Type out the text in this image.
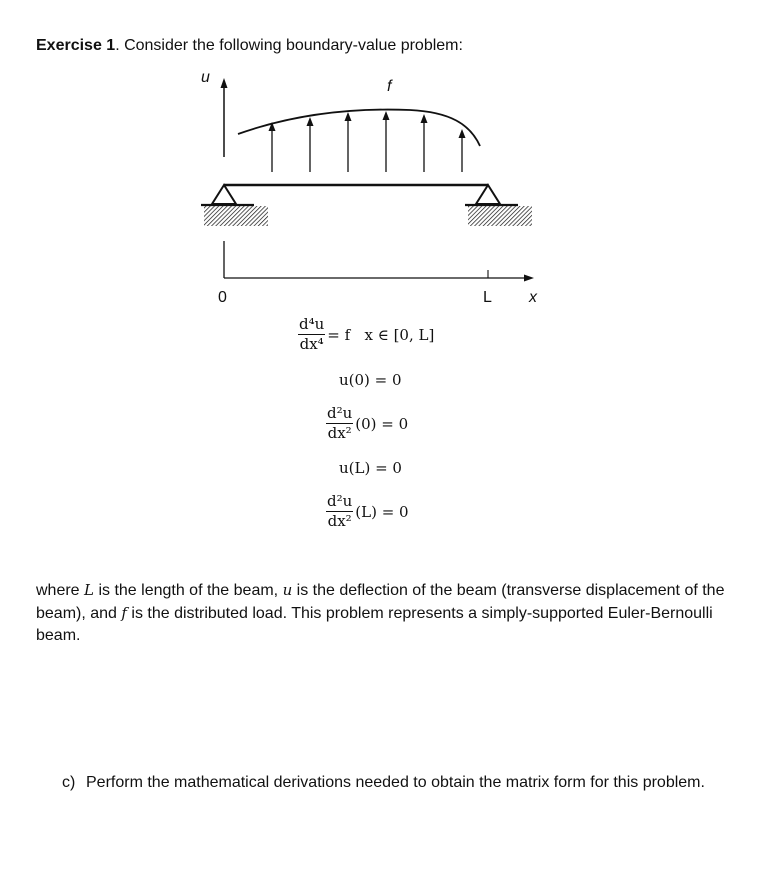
Exercise 1. Consider the following boundary-value problem:
u
f
0	L x
$\frac{\text{d⁴u}}{\text{dx⁴}} = f$   x ∈ [0, L]
u(0) = 0
$\frac{\text{d²u}}{\text{dx²}} (0) = 0$
u(L) = 0
$\frac{\text{d²u}}{\text{dx²}} (L) = 0$
where L is the length of the beam, u is the deflection of the beam (transverse displacement of the beam), and f is the distributed load. This problem represents a simply-supported Euler-Bernoulli beam.
c) Perform the mathematical derivations needed to obtain the matrix form for this problem.
